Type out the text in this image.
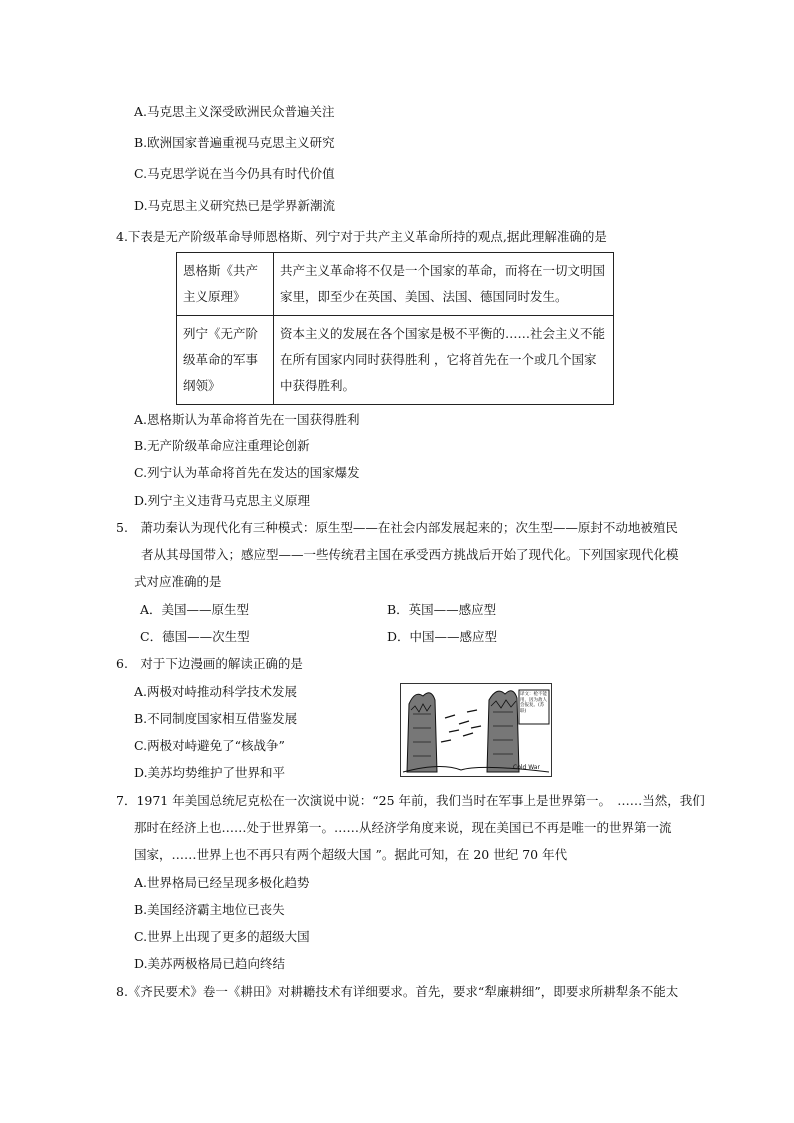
A.马克思主义深受欧洲民众普遍关注
B.欧洲国家普遍重视马克思主义研究
C.马克思学说在当今仍具有时代价值
D.马克思主义研究热已是学界新潮流
4.下表是无产阶级革命导师恩格斯、列宁对于共产主义革命所持的观点,据此理解准确的是
恩格斯《共产主义原理》	共产主义革命将不仅是一个国家的革命，而将在一切文明国家里，即至少在英国、美国、法国、德国同时发生。
列宁《无产阶级革命的军事纲领》	资本主义的发展在各个国家是极不平衡的……社会主义不能在所有国家内同时获得胜利 ，它将首先在一个或几个国家中获得胜利。
A.恩格斯认为革命将首先在一国获得胜利
B.无产阶级革命应注重理论创新
C.列宁认为革命将首先在发达的国家爆发
D.列宁主义违背马克思主义原理
5.　萧功秦认为现代化有三种模式：原生型——在社会内部发展起来的；次生型——原封不动地被殖民
者从其母国带入；感应型——一些传统君主国在承受西方挑战后开始了现代化。下列国家现代化模
式对应准确的是
A．美国——原生型	B．英国——感应型
C．德国——次生型	D．中国——感应型
6.　对于下边漫画的解读正确的是
A.两极对峙推动科学技术发展
B.不同制度国家相互借鉴发展
C.两极对峙避免了“核战争”
D.美苏均势维护了世界和平
译文：枪不能用，因为敌人会报复。(苏联)
Cold War
7．1971 年美国总统尼克松在一次演说中说：“25 年前，我们当时在军事上是世界第一。　……当然，我们
那时在经济上也……处于世界第一。……从经济学角度来说，现在美国已不再是唯一的世界第一流
国家，……世界上也不再只有两个超级大国 ”。据此可知，在 20 世纪 70 年代
A.世界格局已经呈现多极化趋势
B.美国经济霸主地位已丧失
C.世界上出现了更多的超级大国
D.美苏两极格局已趋向终结
8.《齐民要术》卷一《耕田》对耕耱技术有详细要求。首先，要求“犁廉耕细”，即要求所耕犁条不能太
